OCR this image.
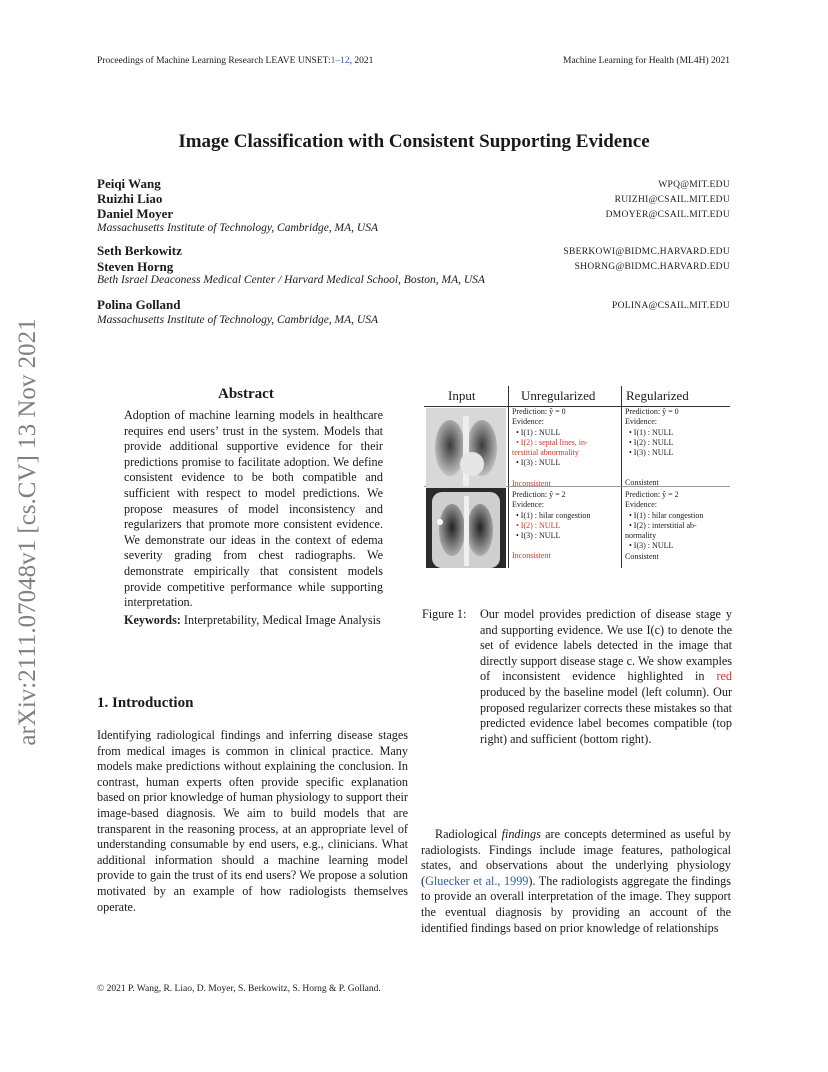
Proceedings of Machine Learning Research LEAVE UNSET:1–12, 2021	Machine Learning for Health (ML4H) 2021
Image Classification with Consistent Supporting Evidence
Peiqi Wang	WPQ@MIT.EDU
Ruizhi Liao	RUIZHI@CSAIL.MIT.EDU
Daniel Moyer	DMOYER@CSAIL.MIT.EDU
Massachusetts Institute of Technology, Cambridge, MA, USA
Seth Berkowitz	SBERKOWI@BIDMC.HARVARD.EDU
Steven Horng	SHORNG@BIDMC.HARVARD.EDU
Beth Israel Deaconess Medical Center / Harvard Medical School, Boston, MA, USA
Polina Golland	POLINA@CSAIL.MIT.EDU
Massachusetts Institute of Technology, Cambridge, MA, USA
arXiv:2111.07048v1 [cs.CV] 13 Nov 2021	Abstract

Adoption of machine learning models in healthcare requires end users’ trust in the system. Models that provide additional supportive evidence for their predictions promise to facilitate adoption. We define consistent evidence to be both compatible and sufficient with respect to model predictions. We propose measures of model inconsistency and regularizers that promote more consistent evidence. We demonstrate our ideas in the context of edema severity grading from chest radiographs. We demonstrate empirically that consistent models provide competitive performance while supporting interpretation.

Keywords: Interpretability, Medical Image Analysis

1. Introduction

Identifying radiological findings and inferring disease stages from medical images is common in clinical practice. Many models make predictions without explaining the conclusion. In contrast, human experts often provide specific explanation based on prior knowledge of human physiology to support their image-based diagnosis. We aim to build models that are transparent in the reasoning process, at an appropriate level of understanding consumable by end users, e.g., clinicians. What additional information should a machine learning model provide to gain the trust of its end users? We propose a solution motivated by an example of how radiologists themselves operate.

Input	Unregularized Regularized
Prediction: ŷ = 0
Evidence:
• I(1) : NULL
• I(2) : septal lines, in-
terstitial abnormality
• I(3) : NULL
Inconsistent
Prediction: ŷ = 0
Evidence:
• I(1) : NULL
• I(2) : NULL
• I(3) : NULL
Consistent
Prediction: ŷ = 2
Evidence:
• I(1) : hilar congestion
• I(2) : NULL
• I(3) : NULL
Inconsistent
Prediction: ŷ = 2
Evidence:
• I(1) : hilar congestion
• I(2) : interstitial ab-
normality
• I(3) : NULL
Consistent
Figure 1: Our model provides prediction of disease stage y and supporting evidence. We use I(c) to denote the set of evidence labels detected in the image that directly support disease stage c. We show examples of inconsistent evidence highlighted in red produced by the baseline model (left column). Our proposed regularizer corrects these mistakes so that predicted evidence label becomes compatible (top right) and sufficient (bottom right).

Radiological findings are concepts determined as useful by radiologists. Findings include image features, pathological states, and observations about the underlying physiology (Gluecker et al., 1999). The radiologists aggregate the findings to provide an overall interpretation of the image. They support the eventual diagnosis by providing an account of the identified findings based on prior knowledge of relationships

© 2021 P. Wang, R. Liao, D. Moyer, S. Berkowitz, S. Horng & P. Golland.
